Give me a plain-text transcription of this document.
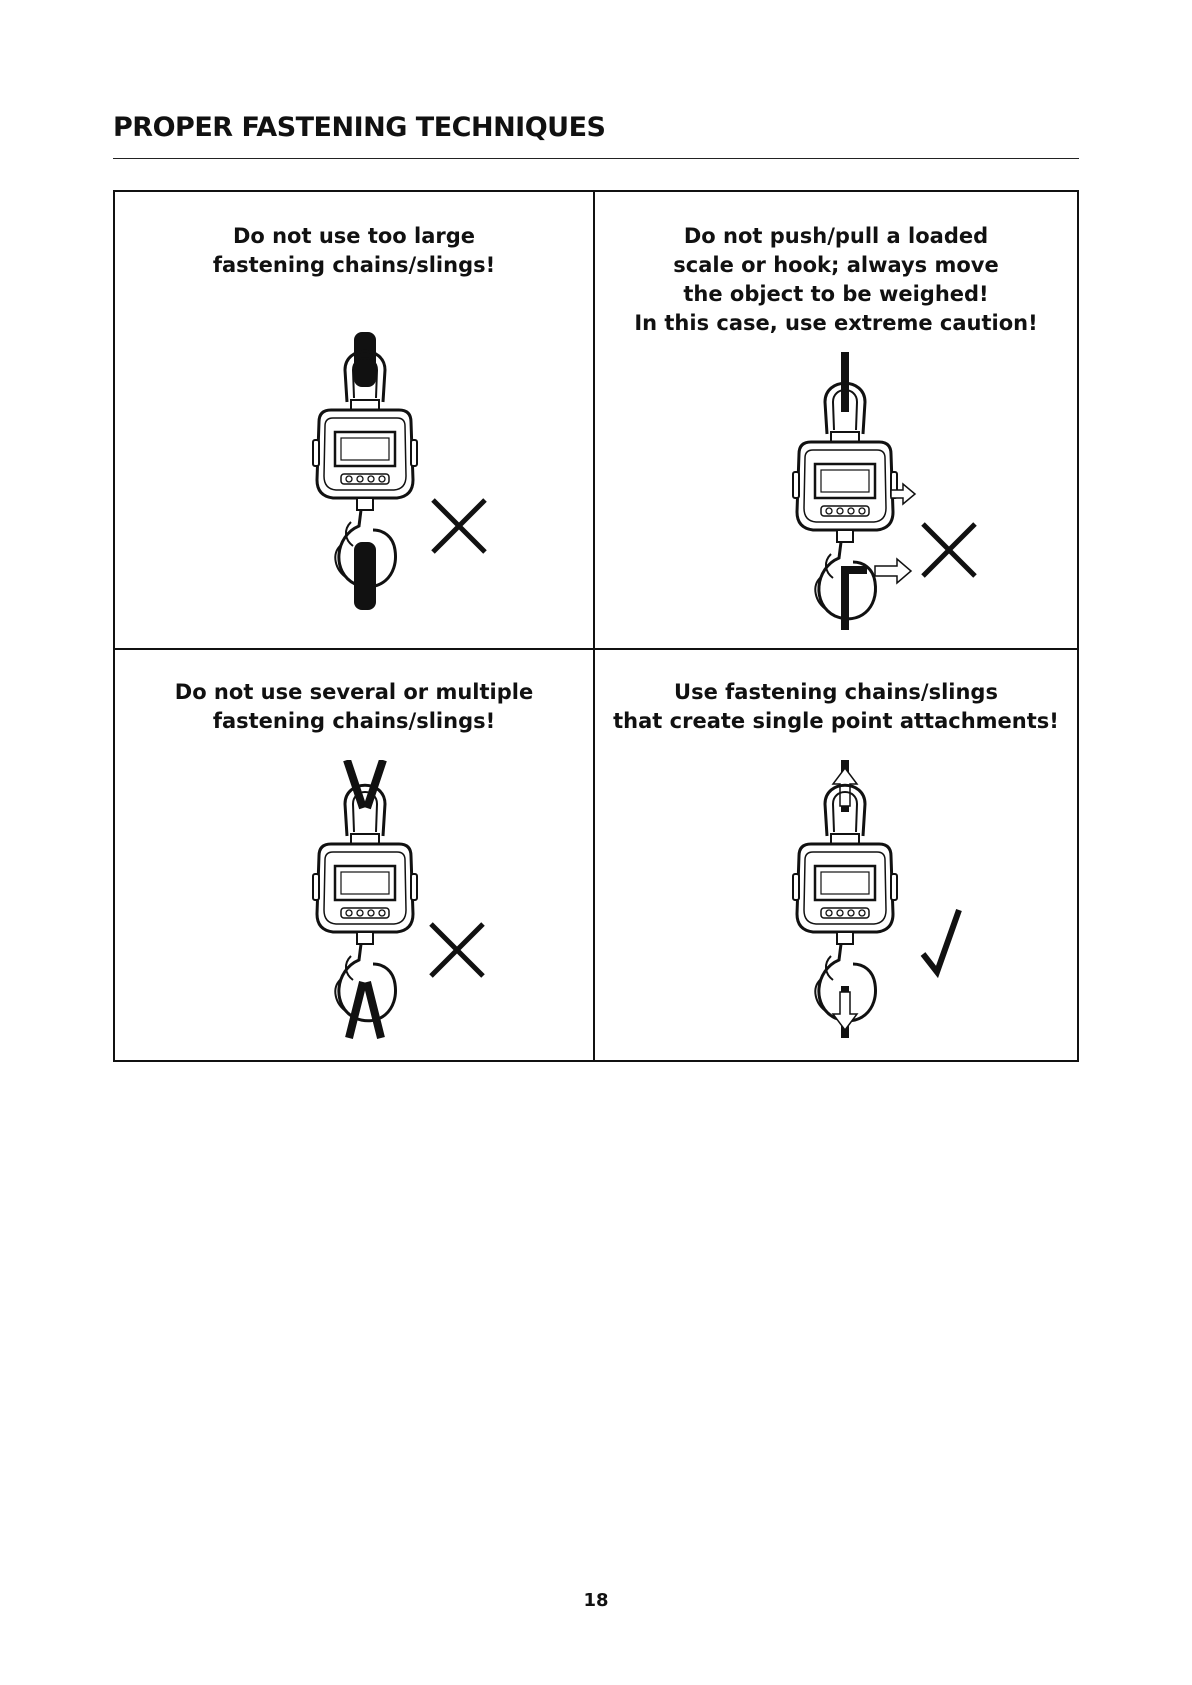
PROPER FASTENING TECHNIQUES

Do not use too large
fastening chains/slings!

Do not push/pull a loaded
scale or hook; always move
the object to be weighed!
In this case, use extreme caution!

Do not use several or multiple
fastening chains/slings!

Use fastening chains/slings
that create single point attachments!

18
